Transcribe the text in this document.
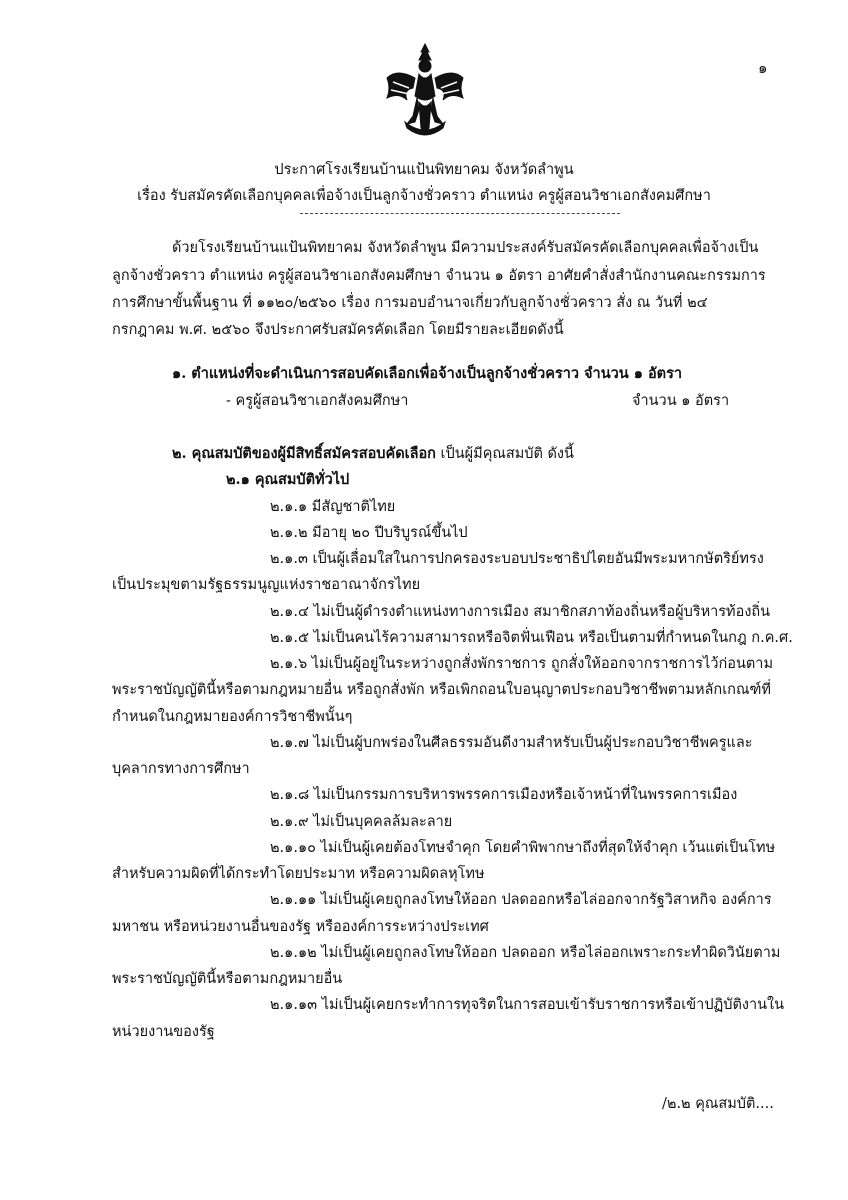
๑
ประกาศโรงเรียนบ้านแป้นพิทยาคม จังหวัดลำพูน
เรื่อง รับสมัครคัดเลือกบุคคลเพื่อจ้างเป็นลูกจ้างชั่วคราว ตำแหน่ง ครูผู้สอนวิชาเอกสังคมศึกษา
ด้วยโรงเรียนบ้านแป้นพิทยาคม จังหวัดลำพูน มีความประสงค์รับสมัครคัดเลือกบุคคลเพื่อจ้างเป็น
ลูกจ้างชั่วคราว ตำแหน่ง ครูผู้สอนวิชาเอกสังคมศึกษา จำนวน ๑ อัตรา อาศัยคำสั่งสำนักงานคณะกรรมการ
การศึกษาขั้นพื้นฐาน ที่ ๑๑๒๐/๒๕๖๐ เรื่อง การมอบอำนาจเกี่ยวกับลูกจ้างชั่วคราว สั่ง ณ วันที่ ๒๔
กรกฎาคม พ.ศ. ๒๕๖๐ จึงประกาศรับสมัครคัดเลือก โดยมีรายละเอียดดังนี้
๑. ตำแหน่งที่จะดำเนินการสอบคัดเลือกเพื่อจ้างเป็นลูกจ้างชั่วคราว จำนวน ๑ อัตรา
- ครูผู้สอนวิชาเอกสังคมศึกษา	จำนวน ๑ อัตรา
๒. คุณสมบัติของผู้มีสิทธิ์สมัครสอบคัดเลือก เป็นผู้มีคุณสมบัติ ดังนี้
๒.๑ คุณสมบัติทั่วไป
๒.๑.๑ มีสัญชาติไทย
๒.๑.๒ มีอายุ ๒๐ ปีบริบูรณ์ขึ้นไป
๒.๑.๓ เป็นผู้เลื่อมใสในการปกครองระบอบประชาธิปไตยอันมีพระมหากษัตริย์ทรง
เป็นประมุขตามรัฐธรรมนูญแห่งราชอาณาจักรไทย
๒.๑.๔ ไม่เป็นผู้ดำรงตำแหน่งทางการเมือง สมาชิกสภาท้องถิ่นหรือผู้บริหารท้องถิ่น
๒.๑.๕ ไม่เป็นคนไร้ความสามารถหรือจิตฟั่นเฟือน หรือเป็นตามที่กำหนดในกฎ ก.ค.ศ.
๒.๑.๖ ไม่เป็นผู้อยู่ในระหว่างถูกสั่งพักราชการ ถูกสั่งให้ออกจากราชการไว้ก่อนตาม
พระราชบัญญัตินี้หรือตามกฎหมายอื่น หรือถูกสั่งพัก หรือเพิกถอนใบอนุญาตประกอบวิชาชีพตามหลักเกณฑ์ที่
กำหนดในกฎหมายองค์การวิชาชีพนั้นๆ
๒.๑.๗ ไม่เป็นผู้บกพร่องในศีลธรรมอันดีงามสำหรับเป็นผู้ประกอบวิชาชีพครูและ
บุคลากรทางการศึกษา
๒.๑.๘ ไม่เป็นกรรมการบริหารพรรคการเมืองหรือเจ้าหน้าที่ในพรรคการเมือง
๒.๑.๙ ไม่เป็นบุคคลล้มละลาย
๒.๑.๑๐ ไม่เป็นผู้เคยต้องโทษจำคุก โดยคำพิพากษาถึงที่สุดให้จำคุก เว้นแต่เป็นโทษ
สำหรับความผิดที่ได้กระทำโดยประมาท หรือความผิดลหุโทษ
๒.๑.๑๑ ไม่เป็นผู้เคยถูกลงโทษให้ออก ปลดออกหรือไล่ออกจากรัฐวิสาหกิจ องค์การ
มหาชน หรือหน่วยงานอื่นของรัฐ หรือองค์การระหว่างประเทศ
๒.๑.๑๒ ไม่เป็นผู้เคยถูกลงโทษให้ออก ปลดออก หรือไล่ออกเพราะกระทำผิดวินัยตาม
พระราชบัญญัตินี้หรือตามกฎหมายอื่น
๒.๑.๑๓ ไม่เป็นผู้เคยกระทำการทุจริตในการสอบเข้ารับราชการหรือเข้าปฏิบัติงานใน
หน่วยงานของรัฐ
/๒.๒ คุณสมบัติ....
